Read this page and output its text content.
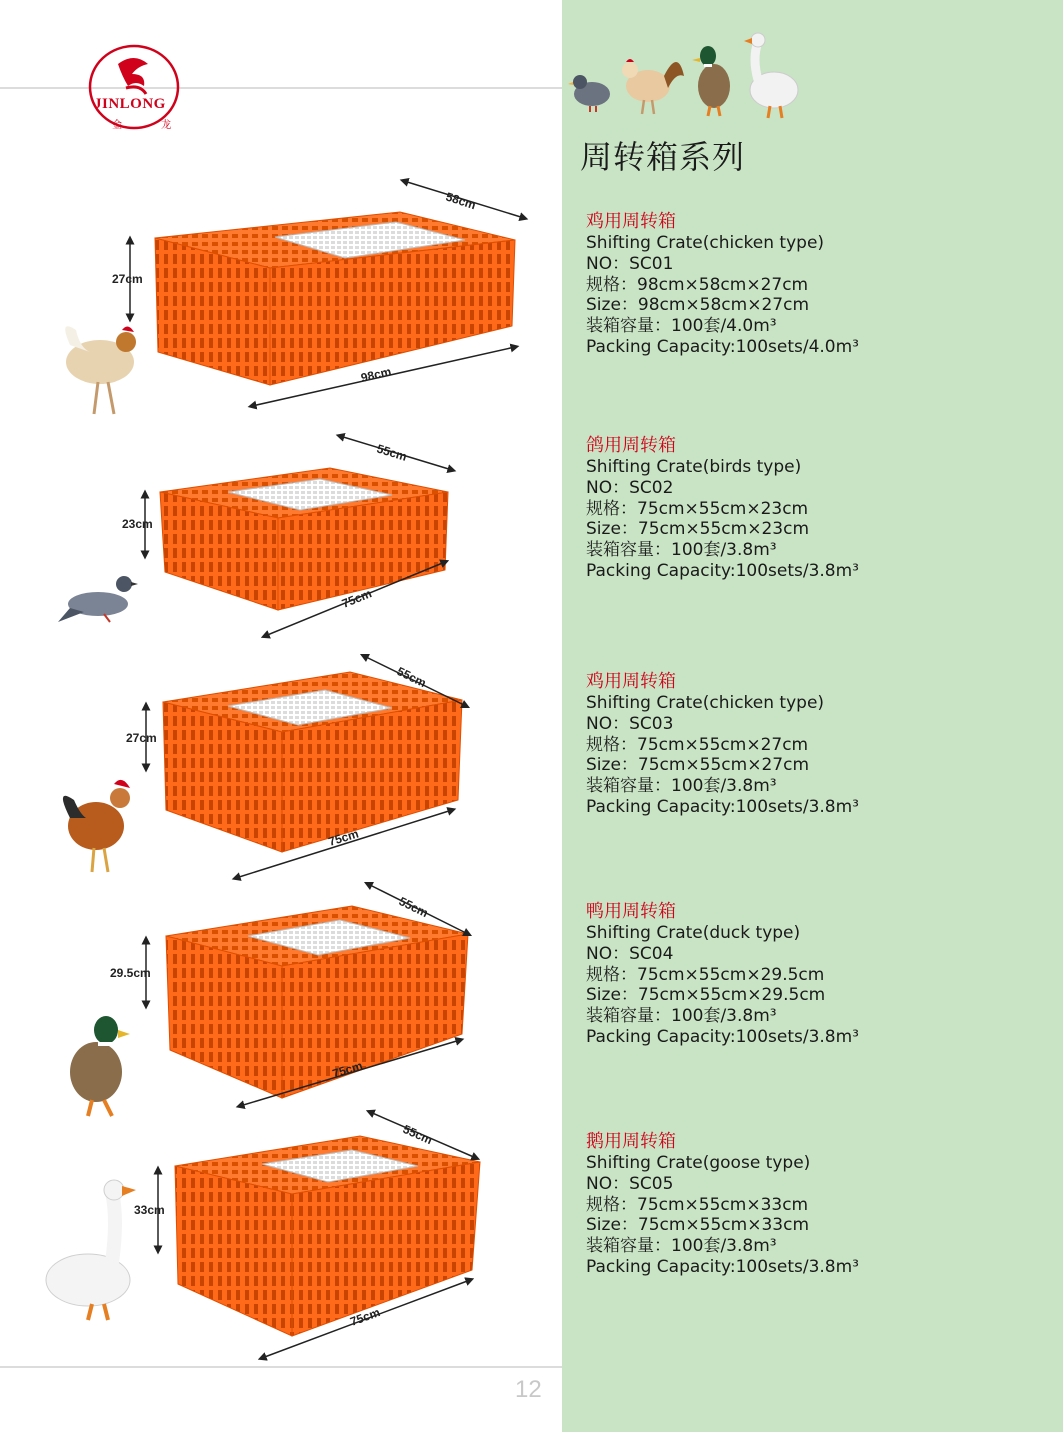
12
JINLONG
金 龙
周转箱系列
27cm
58cm
98cm
23cm
55cm
75cm
27cm
55cm
75cm
29.5cm
55cm
75cm
33cm
55cm
75cm
鸡用周转箱
Shifting Crate(chicken type)
NO：SC01
规格：98cm×58cm×27cm
Size：98cm×58cm×27cm
装箱容量：100套/4.0m³
Packing Capacity:100sets/4.0m³
鸽用周转箱
Shifting Crate(birds type)
NO：SC02
规格：75cm×55cm×23cm
Size：75cm×55cm×23cm
装箱容量：100套/3.8m³
Packing Capacity:100sets/3.8m³
鸡用周转箱
Shifting Crate(chicken type)
NO：SC03
规格：75cm×55cm×27cm
Size：75cm×55cm×27cm
装箱容量：100套/3.8m³
Packing Capacity:100sets/3.8m³
鸭用周转箱
Shifting Crate(duck type)
NO：SC04
规格：75cm×55cm×29.5cm
Size：75cm×55cm×29.5cm
装箱容量：100套/3.8m³
Packing Capacity:100sets/3.8m³
鹅用周转箱
Shifting Crate(goose type)
NO：SC05
规格：75cm×55cm×33cm
Size：75cm×55cm×33cm
装箱容量：100套/3.8m³
Packing Capacity:100sets/3.8m³
